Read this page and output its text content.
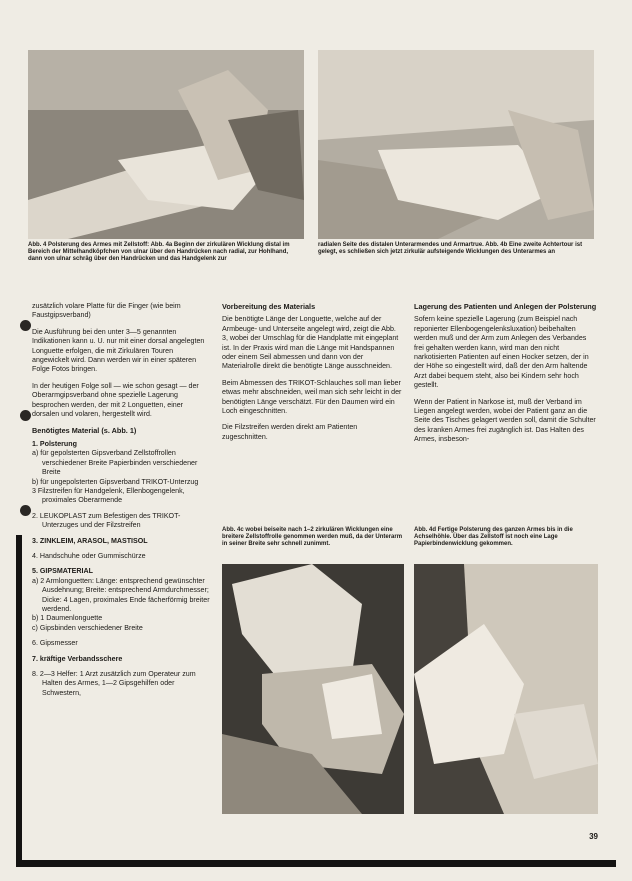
Abb. 4 Polsterung des Armes mit Zellstoff: Abb. 4a Beginn der zirkulären Wicklung distal im Bereich der Mittelhandköpfchen von ulnar über den Handrücken nach radial, zur Hohlhand, dann von ulnar schräg über den Handrücken und das Handgelenk zur
radialen Seite des distalen Unterarmendes und Armartrue. Abb. 4b Eine zweite Achtertour ist gelegt, es schließen sich jetzt zirkulär aufsteigende Wicklungen des Unterarmes an

zusätzlich volare Platte für die Finger (wie beim Faustgipsverband)

Die Ausführung bei den unter 3—5 genannten Indikationen kann u. U. nur mit einer dorsal angelegten Longuette erfolgen, die mit Zirkulären Touren angewickelt wird. Dann werden wir in einer späteren Folge Fotos bringen.

In der heutigen Folge soll — wie schon gesagt — der Oberarmgipsverband ohne spezielle Lagerung besprochen werden, der mit 2 Longuetten, einer dorsalen und volaren, hergestellt wird.

Benötigtes Material (s. Abb. 1)
1. Polsterung
a) für gepolsterten Gipsverband Zellstoffrollen verschiedener Breite Papierbinden verschiedener Breite
b) für ungepolsterten Gipsverband TRIKOT-Unterzug
3 Filzstreifen für Handgelenk, Ellenbogengelenk, proximales Oberarmende
2. LEUKOPLAST zum Befestigen des TRIKOT-Unterzuges und der Filzstreifen
3. ZINKLEIM, ARASOL, MASTISOL
4. Handschuhe oder Gummischürze
5. GIPSMATERIAL
a) 2 Armlonguetten: Länge: entsprechend gewünschter Ausdehnung; Breite: entsprechend Armdurchmesser; Dicke: 4 Lagen, proximales Ende fächerförmig breiter werdend.
b) 1 Daumenlonguette
c) Gipsbinden verschiedener Breite
6. Gipsmesser
7. kräftige Verbandsschere
8. 2—3 Helfer: 1 Arzt zusätzlich zum Operateur zum Halten des Armes, 1—2 Gipsgehilfen oder Schwestern,
Vorbereitung des Materials

Die benötigte Länge der Longuette, welche auf der Armbeuge- und Unterseite angelegt wird, zeigt die Abb. 3, wobei der Umschlag für die Handplatte mit eingeplant ist. In der Praxis wird man die Länge mit Handspannen oder einem Seil abmessen und dann von der Materialrolle direkt die benötigte Länge ausschneiden.

Beim Abmessen des TRIKOT-Schlauches soll man lieber etwas mehr abschneiden, weil man sich sehr leicht in der benötigten Länge verschätzt. Für den Daumen wird ein Loch eingeschnitten.

Die Filzstreifen werden direkt am Patienten zugeschnitten.

Lagerung des Patienten und Anlegen der Polsterung

Sofern keine spezielle Lagerung (zum Beispiel nach reponierter Ellenbogengelenksluxation) beibehalten werden muß und der Arm zum Anlegen des Verbandes frei gehalten werden kann, wird man den nicht narkotisierten Patienten auf einen Hocker setzen, der in der Höhe so eingestellt wird, daß der den Arm haltende Arzt dabei bequem steht, also bei Kindern sehr hoch gestellt.

Wenn der Patient in Narkose ist, muß der Verband im Liegen angelegt werden, wobei der Patient ganz an die Seite des Tisches gelagert werden soll, damit die Schulter des kranken Armes frei zugänglich ist. Das Halten des Armes, insbeson-

Abb. 4c wobei beiseite nach 1–2 zirkulären Wicklungen eine breitere Zellstoffrolle genommen werden muß, da der Unterarm in seiner Breite sehr schnell zunimmt.
Abb. 4d Fertige Polsterung des ganzen Armes bis in die Achselhöhle. Über das Zellstoff ist noch eine Lage Papierbindenwicklung gekommen.
39
